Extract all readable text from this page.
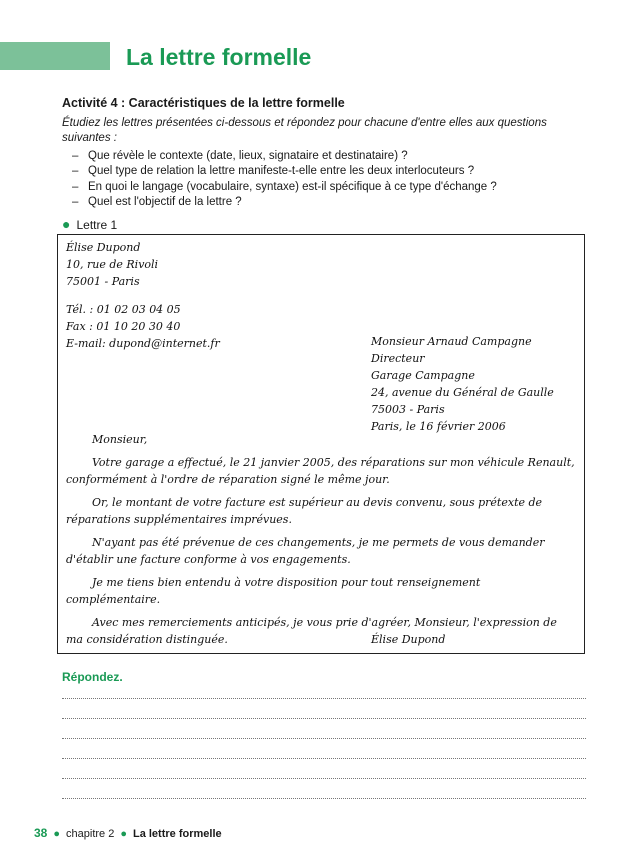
La lettre formelle
Activité 4 : Caractéristiques de la lettre formelle
Étudiez les lettres présentées ci-dessous et répondez pour chacune d'entre elles aux questions suivantes :
– Que révèle le contexte (date, lieux, signataire et destinataire) ?
– Quel type de relation la lettre manifeste-t-elle entre les deux interlocuteurs ?
– En quoi le langage (vocabulaire, syntaxe) est-il spécifique à ce type d'échange ?
– Quel est l'objectif de la lettre ?
● Lettre 1
Élise Dupond
10, rue de Rivoli
75001 - Paris
Tél. : 01 02 03 04 05
Fax : 01 10 20 30 40
E-mail: dupond@internet.fr	Monsieur Arnaud Campagne
Directeur
Garage Campagne
24, avenue du Général de Gaulle
75003 - Paris
Paris, le 16 février 2006

Monsieur,

Votre garage a effectué, le 21 janvier 2005, des réparations sur mon véhicule Renault, conformément à l'ordre de réparation signé le même jour.

Or, le montant de votre facture est supérieur au devis convenu, sous prétexte de réparations supplémentaires imprévues.

N'ayant pas été prévenue de ces changements, je me permets de vous demander d'établir une facture conforme à vos engagements.

Je me tiens bien entendu à votre disposition pour tout renseignement complémentaire.

Avec mes remerciements anticipés, je vous prie d'agréer, Monsieur, l'expression de ma considération distinguée.	Élise Dupond
Répondez.
38 ● chapitre 2 ● La lettre formelle
